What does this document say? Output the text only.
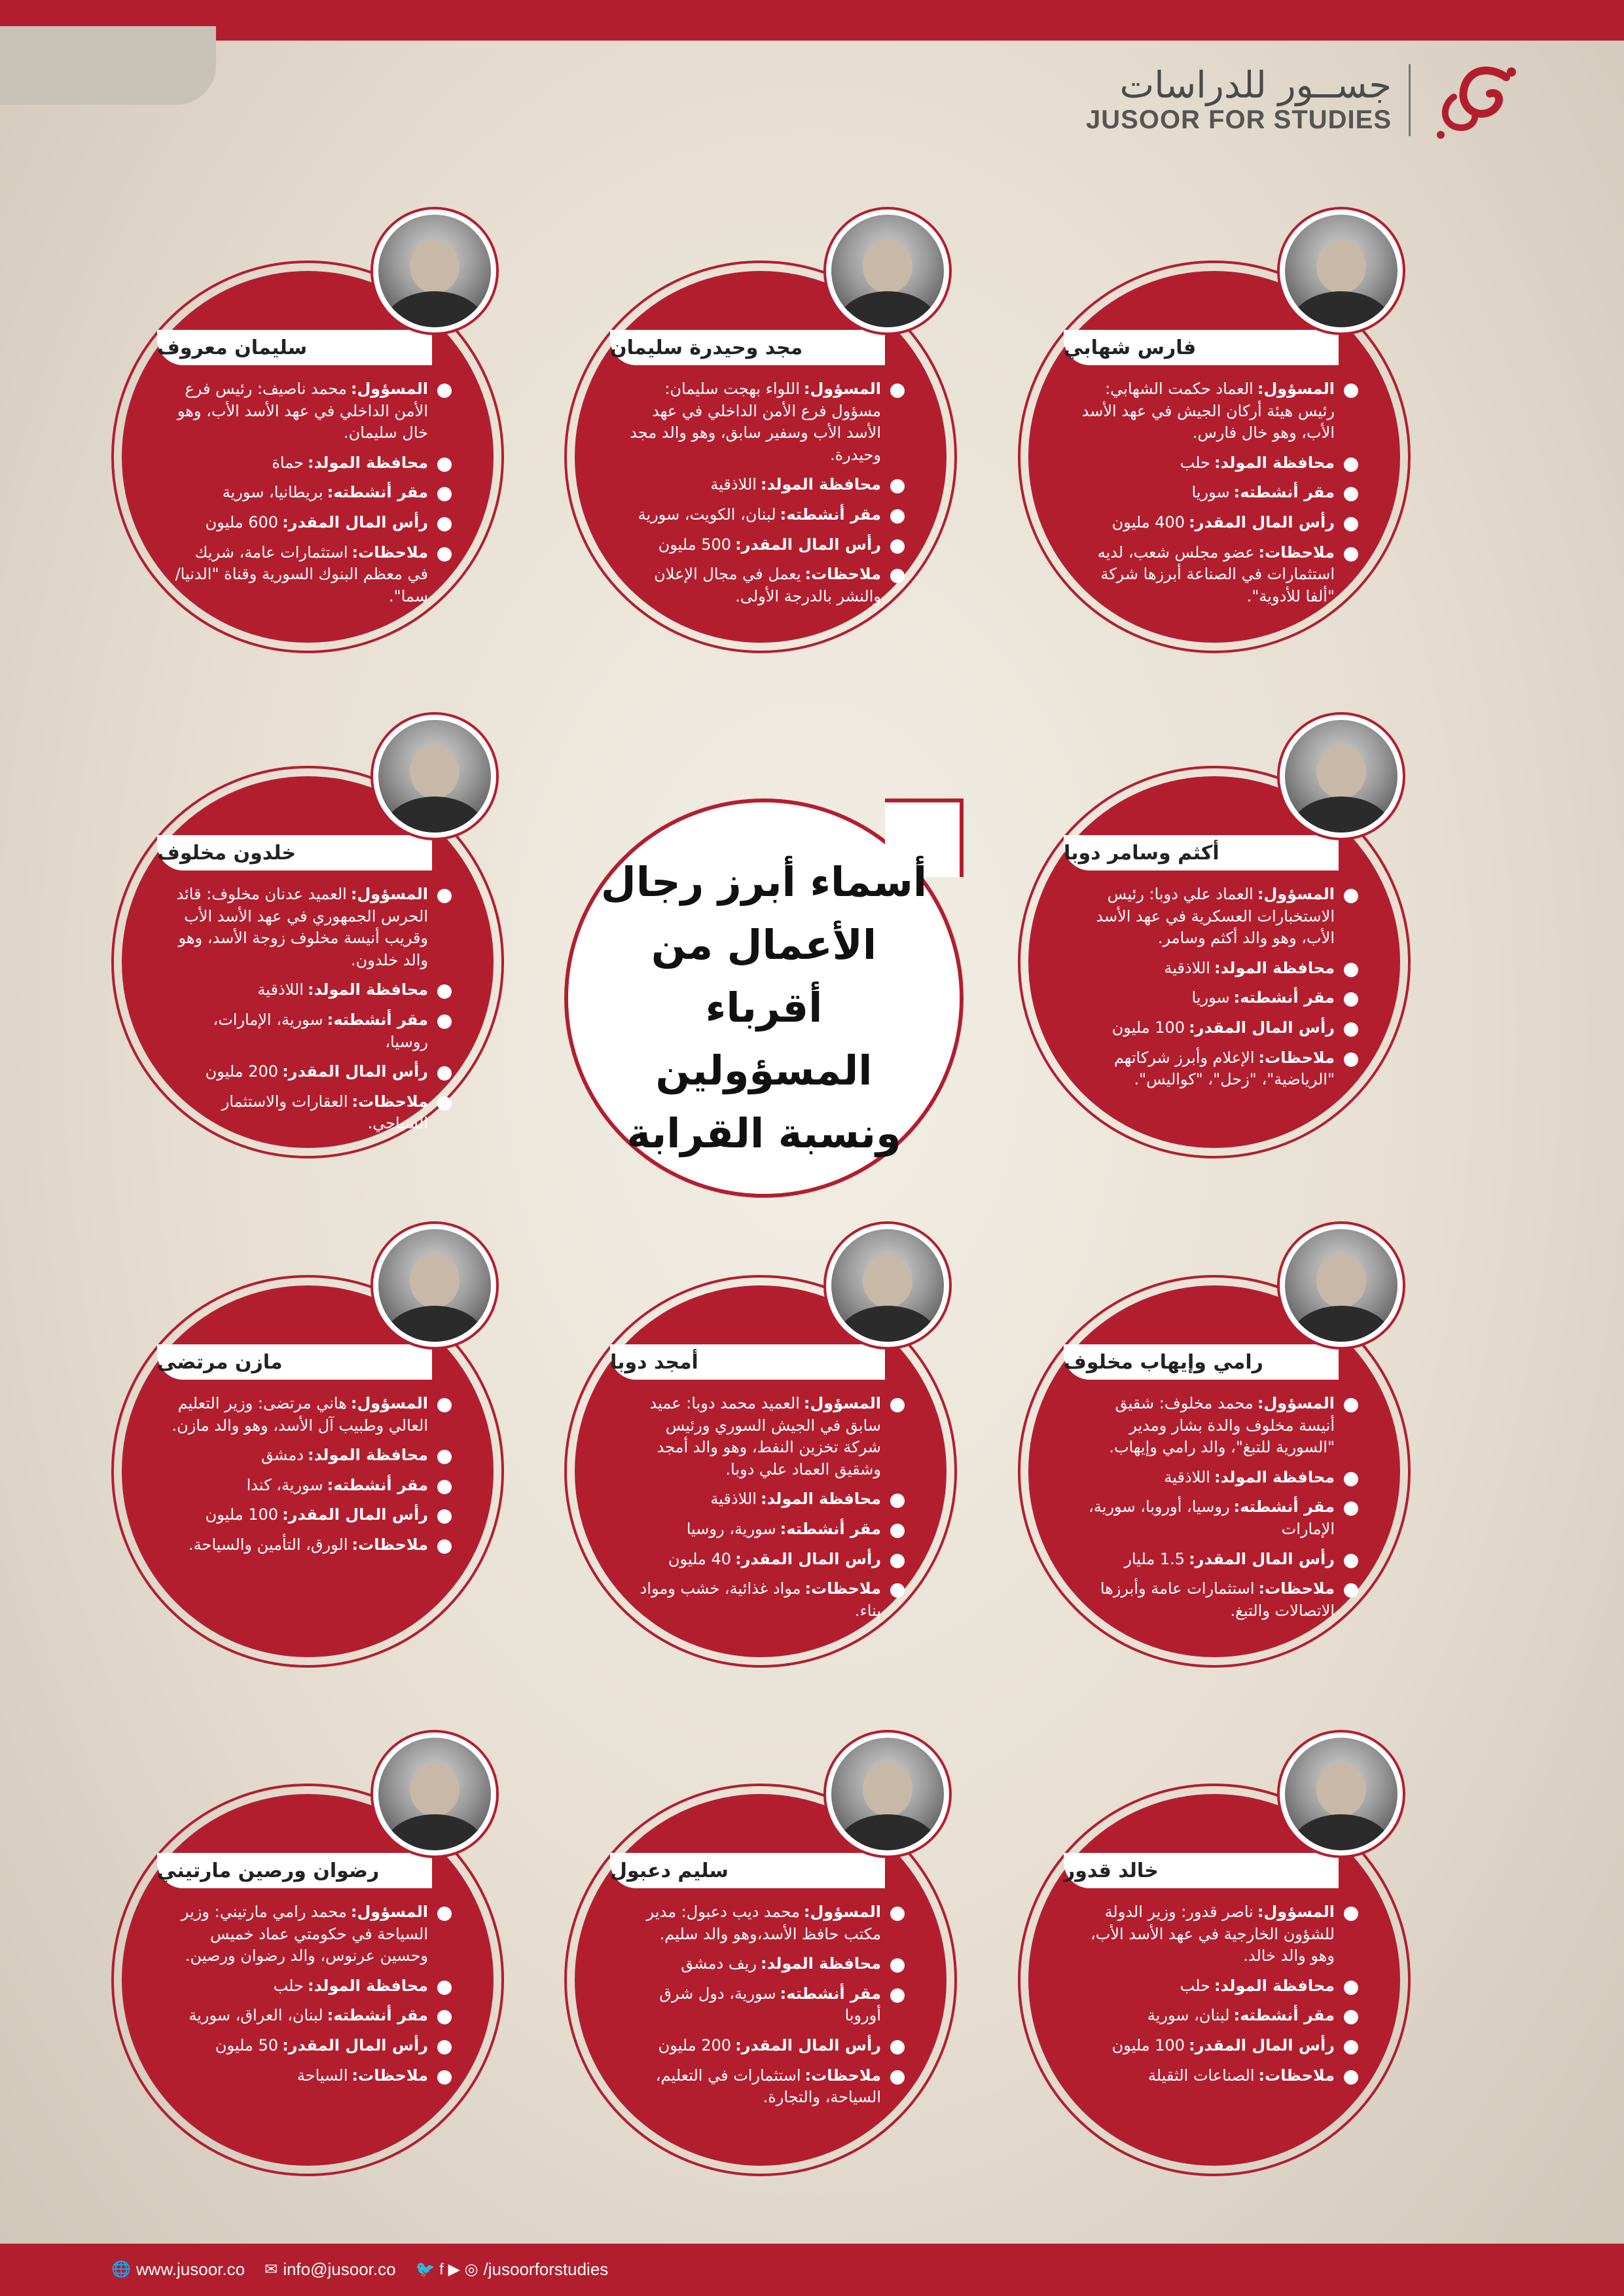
جســور للدراسات
JUSOOR FOR STUDIES
فارس شهابي
المسؤول:العماد حكمت الشهابي: رئيس هيئة أركان الجيش في عهد الأسد الأب، وهو خال فارس.
محافظة المولد:حلب
مقر أنشطته:سوريا
رأس المال المقدر:400 مليون
ملاحظات:عضو مجلس شعب، لديه استثمارات في الصناعة أبرزها شركة "ألفا للأدوية".
مجد وحيدرة سليمان
المسؤول:اللواء بهجت سليمان: مسؤول فرع الأمن الداخلي في عهد الأسد الأب وسفير سابق، وهو والد مجد وحيدرة.
محافظة المولد:اللاذقية
مقر أنشطته:لبنان، الكويت، سورية
رأس المال المقدر:500 مليون
ملاحظات:يعمل في مجال الإعلان والنشر بالدرجة الأولى.
سليمان معروف
المسؤول:محمد ناصيف: رئيس فرع الأمن الداخلي في عهد الأسد الأب، وهو خال سليمان.
محافظة المولد:حماة
مقر أنشطته:بريطانيا، سورية
رأس المال المقدر:600 مليون
ملاحظات:استثمارات عامة، شريك في معظم البنوك السورية وقناة "الدنيا/ سما".
أكثم وسامر دوبا
المسؤول:العماد علي دوبا: رئيس الاستخبارات العسكرية في عهد الأسد الأب، وهو والد أكثم وسامر.
محافظة المولد:اللاذقية
مقر أنشطته:سوريا
رأس المال المقدر:100 مليون
ملاحظات:الإعلام وأبرز شركاتهم "الرياضية"، "زحل"، "كواليس".
خلدون مخلوف
المسؤول:العميد عدنان مخلوف: قائد الحرس الجمهوري في عهد الأسد الأب وقريب أنيسة مخلوف زوجة الأسد، وهو والد خلدون.
محافظة المولد:اللاذقية
مقر أنشطته:سورية، الإمارات، روسيا،
رأس المال المقدر:200 مليون
ملاحظات:العقارات والاستثمار السياحي.
أسماء أبرز رجال الأعمال من أقرباء المسؤولين ونسبة القرابة
رامي وإيهاب مخلوف
المسؤول:محمد مخلوف: شقيق أنيسة مخلوف والدة بشار ومدير "السورية للتبغ"، والد رامي وإيهاب.
محافظة المولد:اللاذقية
مقر أنشطته:روسيا، أوروبا، سورية، الإمارات
رأس المال المقدر:1.5 مليار
ملاحظات:استثمارات عامة وأبرزها الاتصالات والتبغ.
أمجد دوبا
المسؤول:العميد محمد دوبا: عميد سابق في الجيش السوري ورئيس شركة تخزين النفط، وهو والد أمجد وشقيق العماد علي دوبا.
محافظة المولد:اللاذقية
مقر أنشطته:سورية، روسيا
رأس المال المقدر:40 مليون
ملاحظات:مواد غذائية، خشب ومواد بناء.
مازن مرتضى
المسؤول:هاني مرتضى: وزير التعليم العالي وطبيب آل الأسد، وهو والد مازن.
محافظة المولد:دمشق
مقر أنشطته:سورية، كندا
رأس المال المقدر:100 مليون
ملاحظات:الورق، التأمين والسياحة.
خالد قدور
المسؤول:ناصر قدور: وزير الدولة للشؤون الخارجية في عهد الأسد الأب، وهو والد خالد.
محافظة المولد:حلب
مقر أنشطته:لبنان، سورية
رأس المال المقدر:100 مليون
ملاحظات:الصناعات الثقيلة
سليم دعبول
المسؤول:محمد ديب دعبول: مدير مكتب حافظ الأسد،وهو والد سليم.
محافظة المولد:ريف دمشق
مقر أنشطته:سورية، دول شرق أوروبا
رأس المال المقدر:200 مليون
ملاحظات:استثمارات في التعليم، السياحة، والتجارة.
رضوان ورصين مارتيني
المسؤول:محمد رامي مارتيني: وزير السياحة في حكومتي عماد خميس وحسين عرنوس، والد رضوان ورصين.
محافظة المولد:حلب
مقر أنشطته:لبنان، العراق، سورية
رأس المال المقدر:50 مليون
ملاحظات:السياحة
🌐 www.jusoor.co ✉ info@jusoor.co 🐦 f ▶ ◎ /jusoorforstudies
